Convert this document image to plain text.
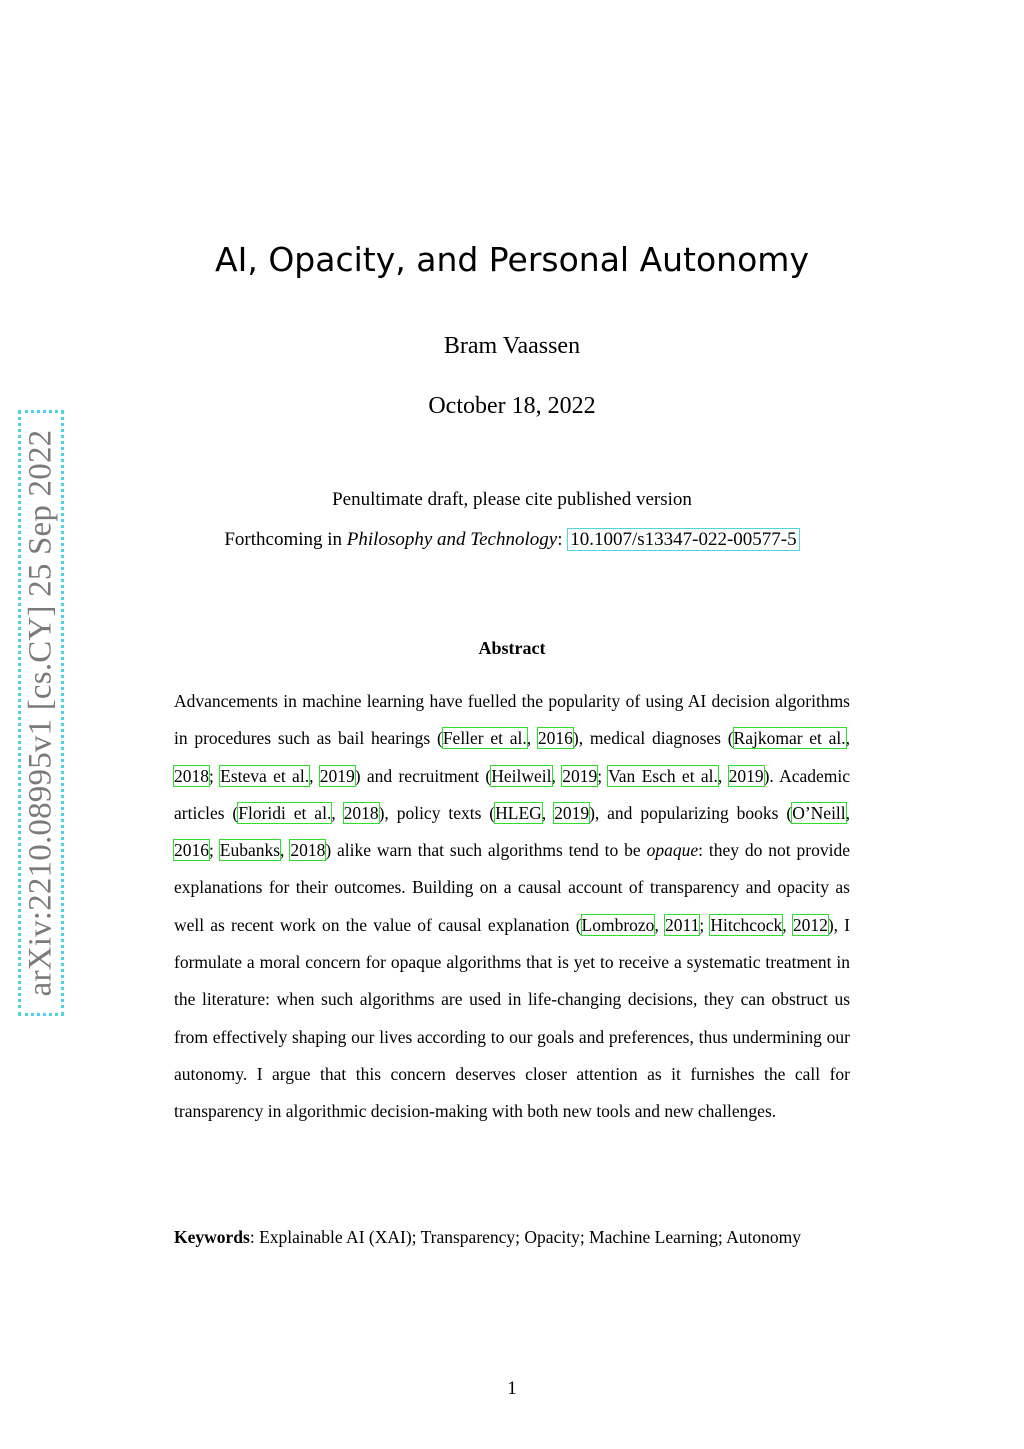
arXiv:2210.08995v1 [cs.CY] 25 Sep 2022
AI, Opacity, and Personal Autonomy
Bram Vaassen
October 18, 2022
Penultimate draft, please cite published version
Forthcoming in Philosophy and Technology: 10.1007/s13347-022-00577-5
Abstract
Advancements in machine learning have fuelled the popularity of using AI decision algorithms in procedures such as bail hearings (Feller et al., 2016), medical diagnoses (Rajkomar et al., 2018; Esteva et al., 2019) and recruitment (Heilweil, 2019; Van Esch et al., 2019). Academic articles (Floridi et al., 2018), policy texts (HLEG, 2019), and popularizing books (O’Neill, 2016; Eubanks, 2018) alike warn that such algorithms tend to be opaque: they do not provide explanations for their outcomes. Building on a causal account of transparency and opacity as well as recent work on the value of causal explanation (Lombrozo, 2011; Hitchcock, 2012), I formulate a moral concern for opaque algorithms that is yet to receive a systematic treatment in the literature: when such algorithms are used in life-changing decisions, they can obstruct us from effectively shaping our lives according to our goals and preferences, thus undermining our autonomy. I argue that this concern deserves closer attention as it furnishes the call for transparency in algorithmic decision-making with both new tools and new challenges.
Keywords: Explainable AI (XAI); Transparency; Opacity; Machine Learning; Autonomy
1
